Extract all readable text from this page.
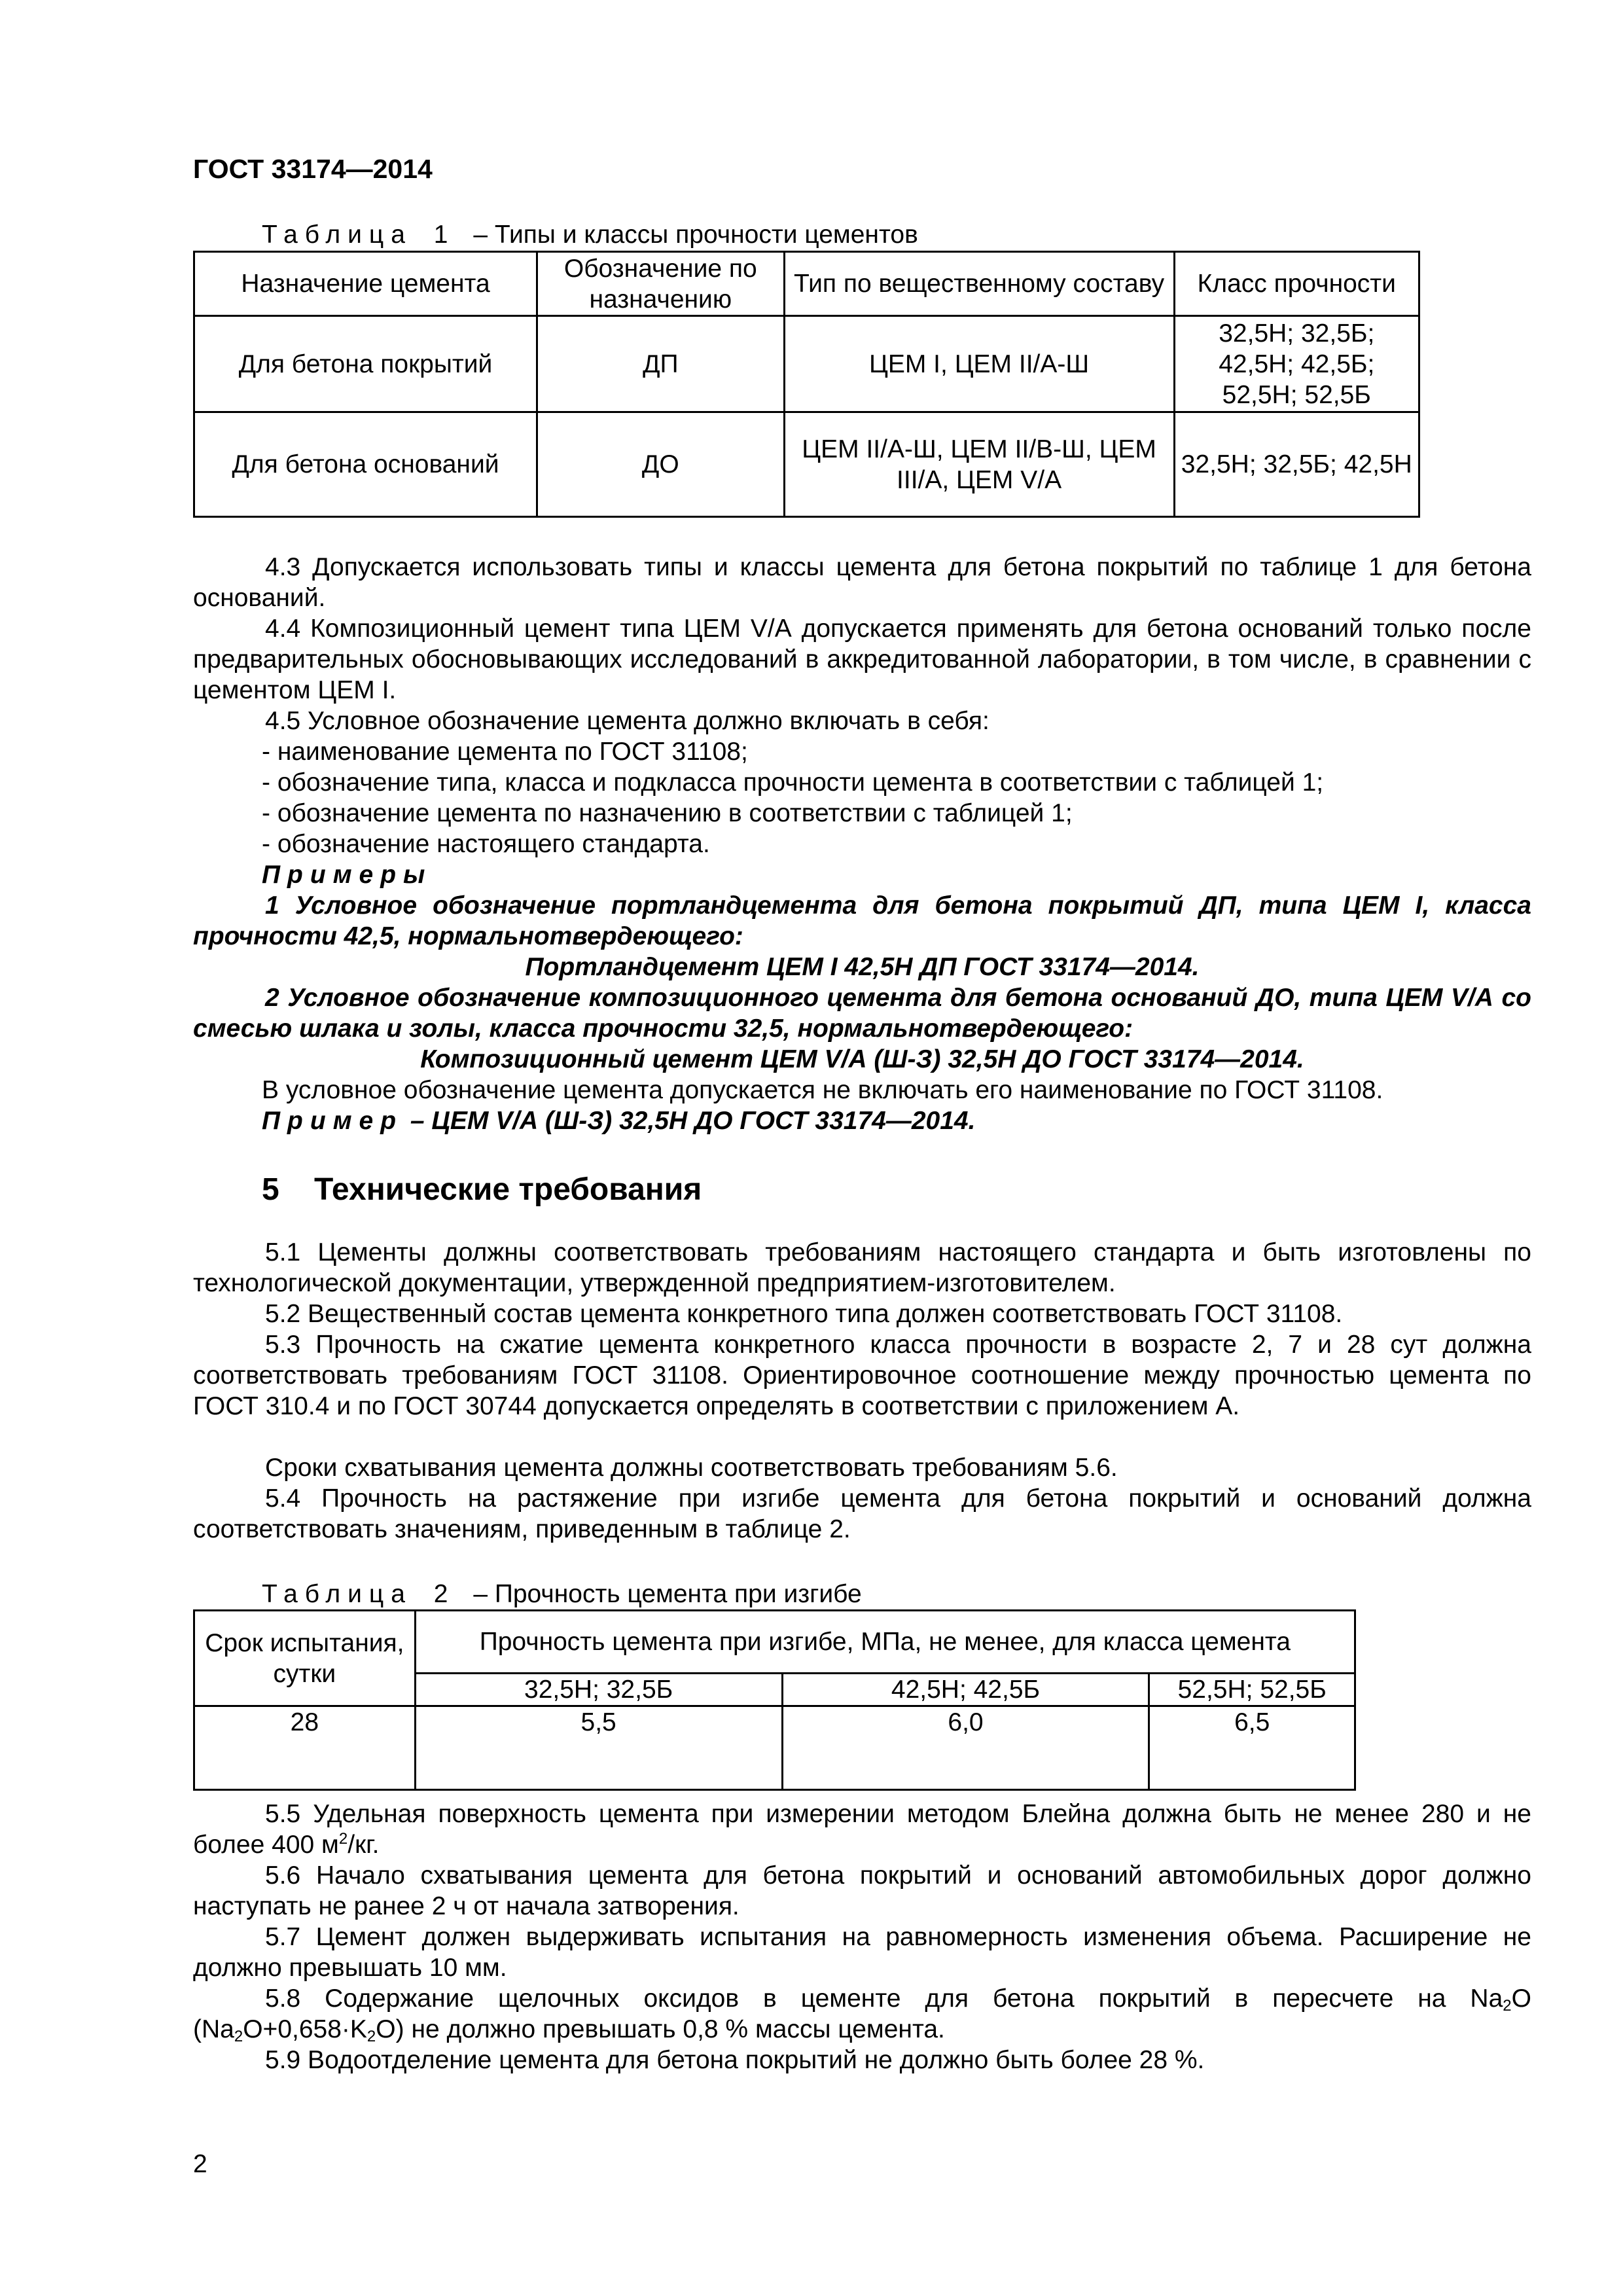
ГОСТ 33174—2014
Таблица 1 – Типы и классы прочности цементов
Назначение цемента	Обозначение по назначению	Тип по вещественному составу	Класс прочности
Для бетона покрытий	ДП	ЦЕМ I, ЦЕМ II/А-Ш	32,5Н; 32,5Б; 42,5Н; 42,5Б; 52,5Н; 52,5Б
Для бетона оснований	ДО	ЦЕМ II/А-Ш, ЦЕМ II/В-Ш, ЦЕМ III/А, ЦЕМ V/А	32,5Н; 32,5Б; 42,5Н
4.3 Допускается использовать типы и классы цемента для бетона покрытий по таблице 1 для бетона оснований.
4.4 Композиционный цемент типа ЦЕМ V/А допускается применять для бетона оснований только после предварительных обосновывающих исследований в аккредитованной лаборатории, в том числе, в сравнении с цементом ЦЕМ I.
4.5 Условное обозначение цемента должно включать в себя:
- наименование цемента по ГОСТ 31108;
- обозначение типа, класса и подкласса прочности цемента в соответствии с таблицей 1;
- обозначение цемента по назначению в соответствии с таблицей 1;
- обозначение настоящего стандарта.
Примеры
1 Условное обозначение портландцемента для бетона покрытий ДП, типа ЦЕМ I, класса прочности 42,5, нормальнотвердеющего:
Портландцемент ЦЕМ I 42,5Н ДП ГОСТ 33174—2014.
2 Условное обозначение композиционного цемента для бетона оснований ДО, типа ЦЕМ V/А со смесью шлака и золы, класса прочности 32,5, нормальнотвердеющего:
Композиционный цемент ЦЕМ V/А (Ш-З) 32,5Н ДО ГОСТ 33174—2014.
В условное обозначение цемента допускается не включать его наименование по ГОСТ 31108.
Пример – ЦЕМ V/А (Ш-З) 32,5Н ДО ГОСТ 33174—2014.
5 Технические требования
5.1 Цементы должны соответствовать требованиям настоящего стандарта и быть изготовлены по технологической документации, утвержденной предприятием-изготовителем.
5.2 Вещественный состав цемента конкретного типа должен соответствовать ГОСТ 31108.
5.3 Прочность на сжатие цемента конкретного класса прочности в возрасте 2, 7 и 28 сут должна соответствовать требованиям ГОСТ 31108. Ориентировочное соотношение между прочностью цемента по ГОСТ 310.4 и по ГОСТ 30744 допускается определять в соответствии с приложением А.
Сроки схватывания цемента должны соответствовать требованиям 5.6.
5.4 Прочность на растяжение при изгибе цемента для бетона покрытий и оснований должна соответствовать значениям, приведенным в таблице 2.
Таблица 2 – Прочность цемента при изгибе
Срок испытания, сутки	Прочность цемента при изгибе, МПа, не менее, для класса цемента		
	32,5Н; 32,5Б	42,5Н; 42,5Б	52,5Н; 52,5Б
28	5,5	6,0	6,5
5.5 Удельная поверхность цемента при измерении методом Блейна должна быть не менее 280 и не более 400 $м^2/кг$.
5.6 Начало схватывания цемента для бетона покрытий и оснований автомобильных дорог должно наступать не ранее 2 ч от начала затворения.
5.7 Цемент должен выдерживать испытания на равномерность изменения объема. Расширение не должно превышать 10 мм.
5.8 Содержание щелочных оксидов в цементе для бетона покрытий в пересчете на $Na_2O$ $(Na_2O+0,658\cdot K_2O)$ не должно превышать 0,8 % массы цемента.
5.9 Водоотделение цемента для бетона покрытий не должно быть более 28 %.
2
